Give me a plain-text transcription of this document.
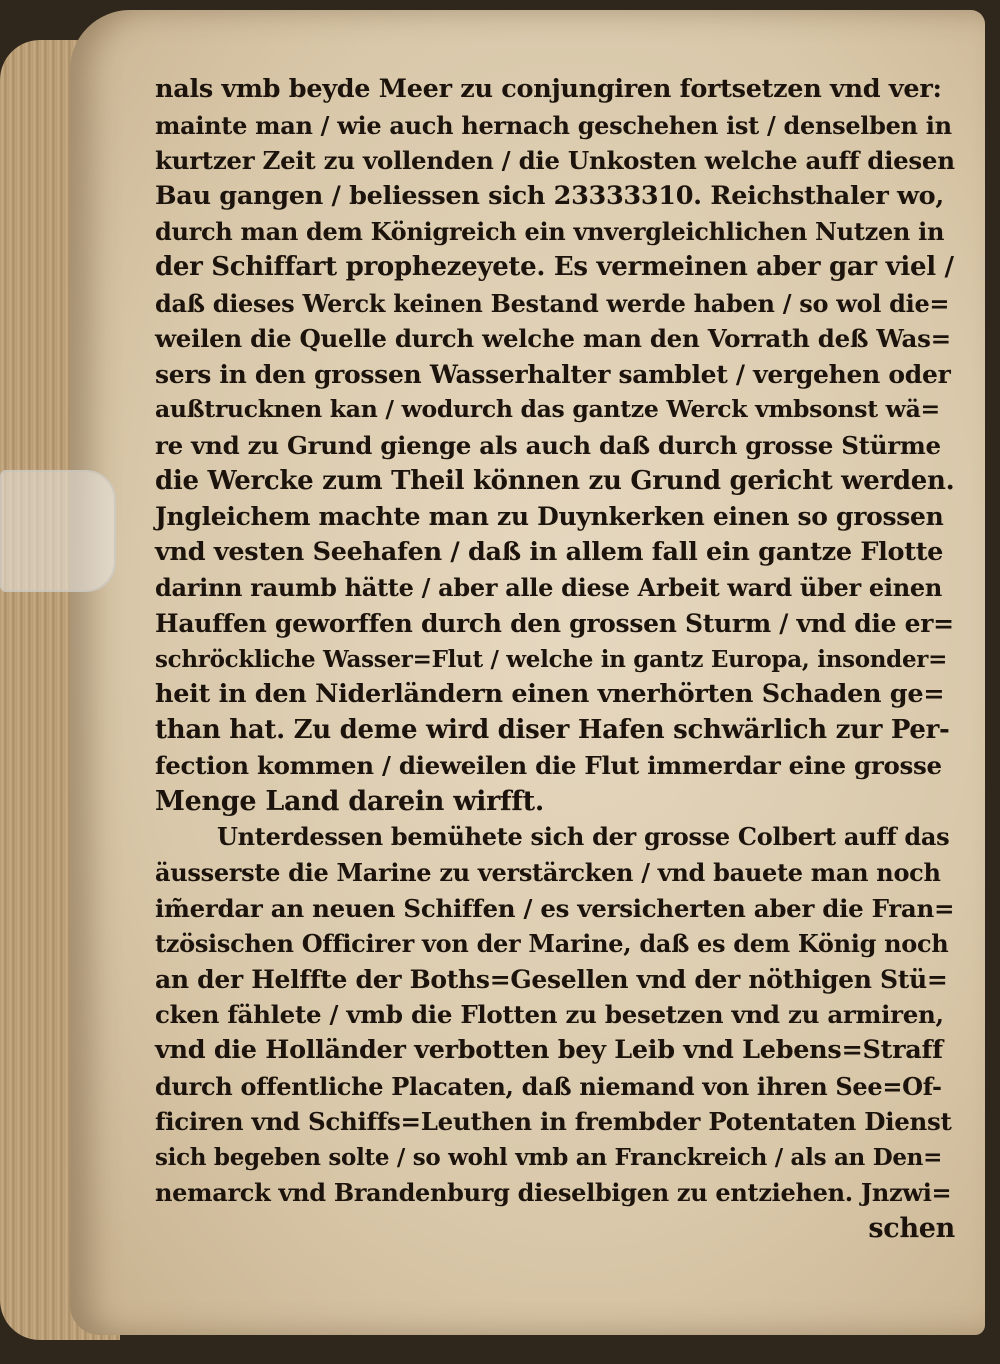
nals vmb beyde Meer zu conjungiren fortsetzen vnd ver:
mainte man / wie auch hernach geschehen ist / denselben in
kurtzer Zeit zu vollenden / die Unkosten welche auff diesen
Bau gangen / beliessen sich 23333310. Reichsthaler wo,
durch man dem Königreich ein vnvergleichlichen Nutzen in
der Schiffart prophezeyete. Es vermeinen aber gar viel /
daß dieses Werck keinen Bestand werde haben / so wol die=
weilen die Quelle durch welche man den Vorrath deß Was=
sers in den grossen Wasserhalter samblet / vergehen oder
außtrucknen kan / wodurch das gantze Werck vmbsonst wä=
re vnd zu Grund gienge als auch daß durch grosse Stürme
die Wercke zum Theil können zu Grund gericht werden.
Jngleichem machte man zu Duynkerken einen so grossen
vnd vesten Seehafen / daß in allem fall ein gantze Flotte
darinn raumb hätte / aber alle diese Arbeit ward über einen
Hauffen geworffen durch den grossen Sturm / vnd die er=
schröckliche Wasser=Flut / welche in gantz Europa, insonder=
heit in den Niderländern einen vnerhörten Schaden ge=
than hat. Zu deme wird diser Hafen schwärlich zur Per-
fection kommen / dieweilen die Flut immerdar eine grosse
Menge Land darein wirfft.
Unterdessen bemühete sich der grosse Colbert auff das
äusserste die Marine zu verstärcken / vnd bauete man noch
im̃erdar an neuen Schiffen / es versicherten aber die Fran=
tzösischen Officirer von der Marine, daß es dem König noch
an der Helffte der Boths=Gesellen vnd der nöthigen Stü=
cken fählete / vmb die Flotten zu besetzen vnd zu armiren,
vnd die Holländer verbotten bey Leib vnd Lebens=Straff
durch offentliche Placaten, daß niemand von ihren See=Of-
ficiren vnd Schiffs=Leuthen in frembder Potentaten Dienst
sich begeben solte / so wohl vmb an Franckreich / als an Den=
nemarck vnd Brandenburg dieselbigen zu entziehen. Jnzwi=
schen
